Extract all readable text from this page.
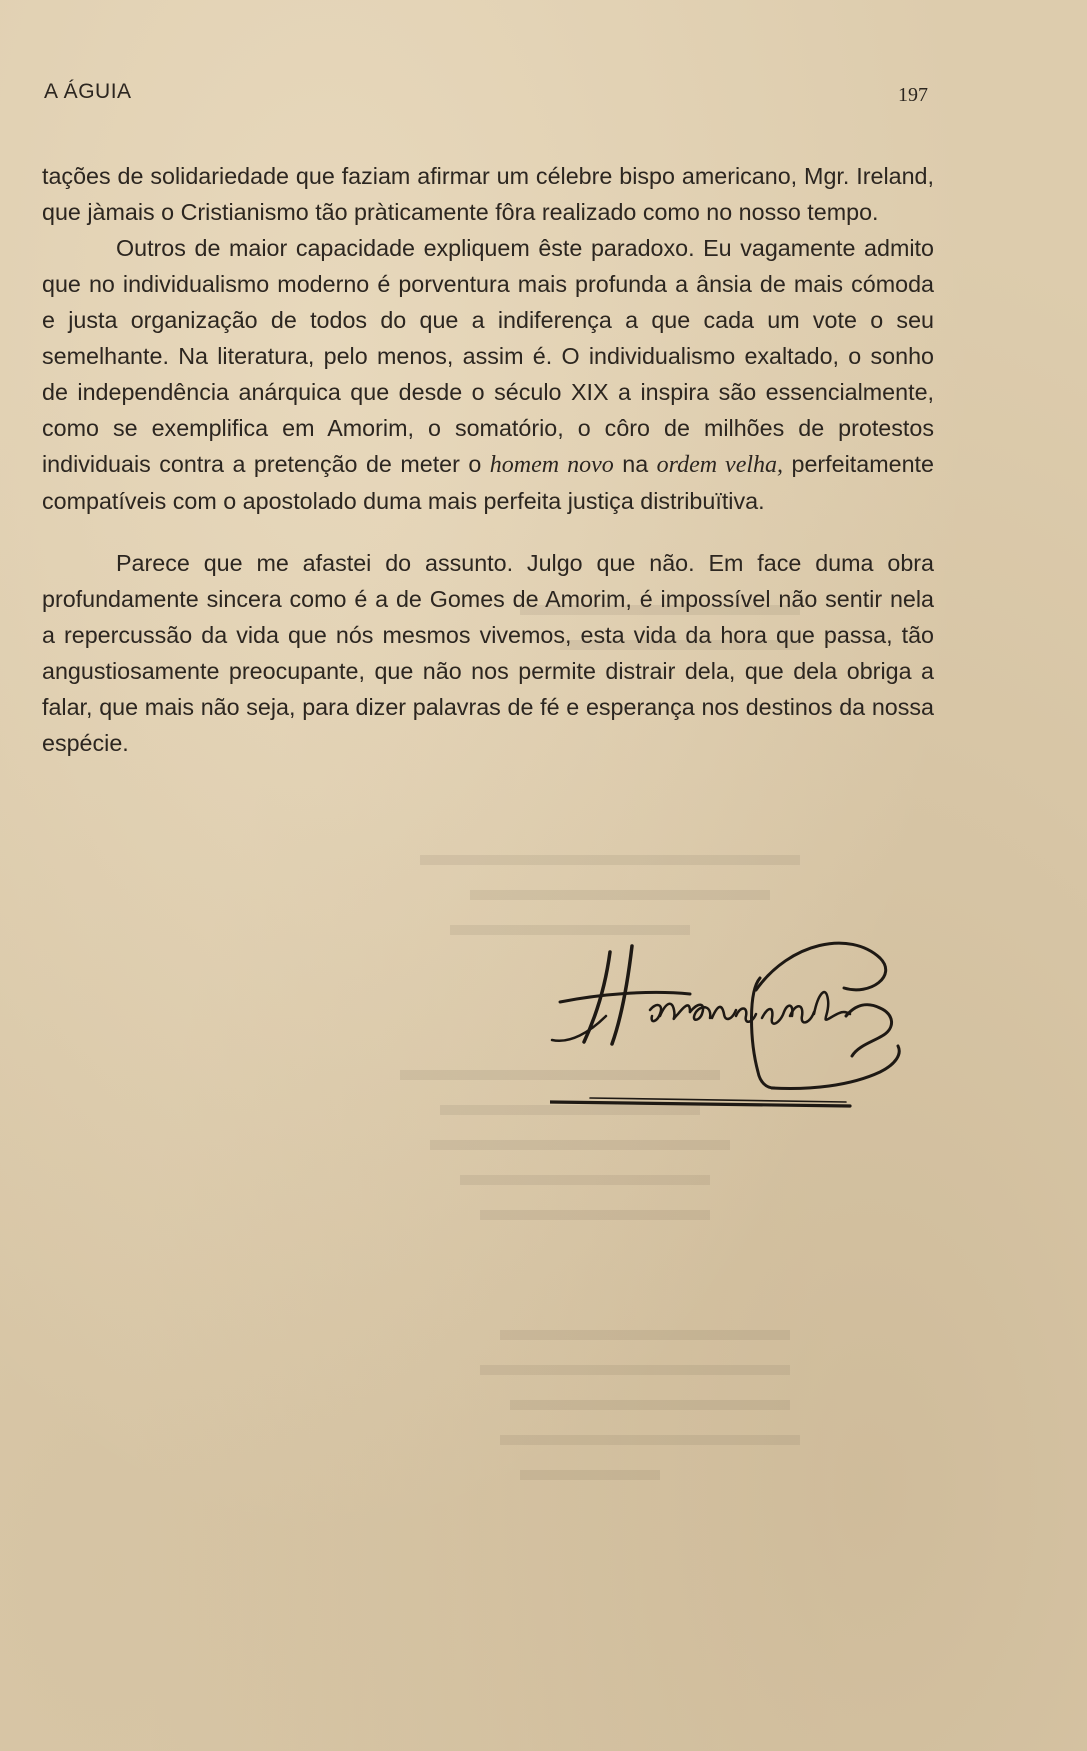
A ÁGUIA	197

tações de solidariedade que faziam afirmar um célebre bispo americano, Mgr. Ireland, que jàmais o Cristianismo tão pràticamente fôra realizado como no nosso tempo.

Outros de maior capacidade expliquem êste paradoxo. Eu vagamente admito que no individualismo moderno é porventura mais profunda a ânsia de mais cómoda e justa organização de todos do que a indiferença a que cada um vote o seu semelhante. Na literatura, pelo menos, assim é. O individualismo exaltado, o sonho de independência anárquica que desde o século XIX a inspira são essencialmente, como se exemplifica em Amorim, o somatório, o côro de milhões de protestos individuais contra a pretenção de meter o homem novo na ordem velha, perfeitamente compatíveis com o apostolado duma mais perfeita justiça distribuïtiva.

Parece que me afastei do assunto. Julgo que não. Em face duma obra profundamente sincera como é a de Gomes de Amorim, é impossível não sentir nela a repercussão da vida que nós mesmos vivemos, esta vida da hora que passa, tão angustiosamente preocupante, que não nos permite distrair dela, que dela obriga a falar, que mais não seja, para dizer palavras de fé e esperança nos destinos da nossa espécie.
